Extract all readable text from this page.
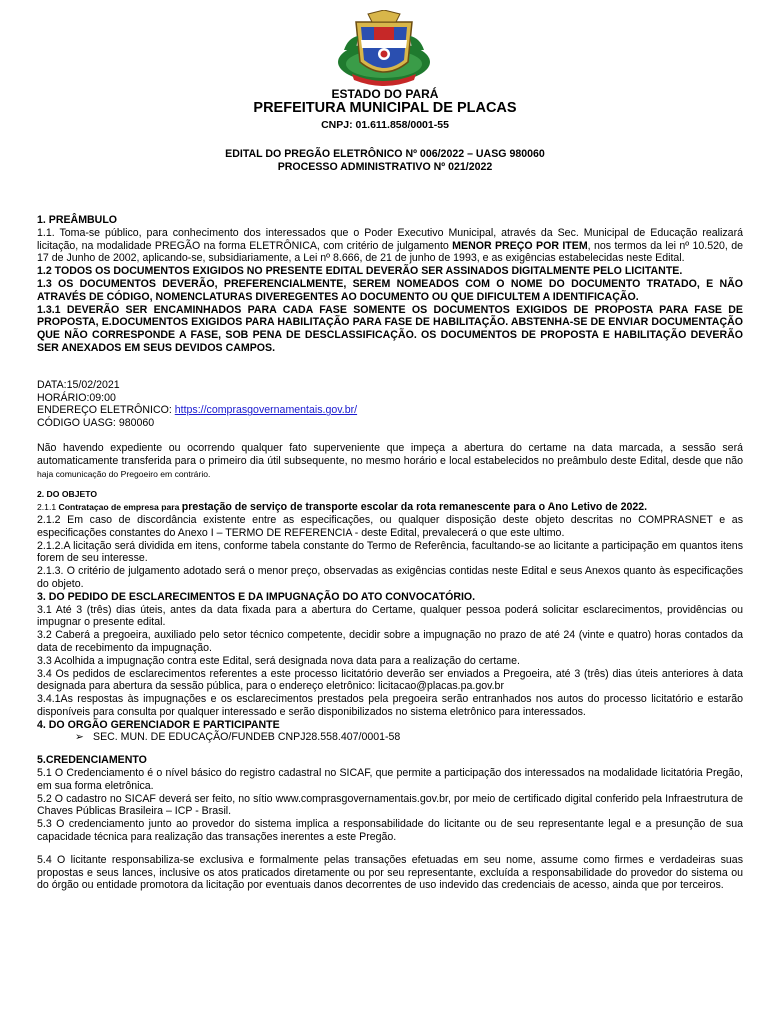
ESTADO DO PARÁ
PREFEITURA MUNICIPAL DE PLACAS
CNPJ: 01.611.858/0001-55
EDITAL DO PREGÃO ELETRÔNICO Nº 006/2022 – UASG 980060
PROCESSO ADMINISTRATIVO Nº 021/2022

1. PREÂMBULO

1.1. Toma-se público, para conhecimento dos interessados que o Poder Executivo Municipal, através da Sec. Municipal de Educação realizará licitação, na modalidade PREGÃO na forma ELETRÔNICA, com critério de julgamento MENOR PREÇO POR ITEM, nos termos da lei nº 10.520, de 17 de Junho de 2002, aplicando-se, subsidiariamente, a Lei nº 8.666, de 21 de junho de 1993, e as exigências estabelecidas neste Edital.

1.2 TODOS OS DOCUMENTOS EXIGIDOS NO PRESENTE EDITAL DEVERÃO SER ASSINADOS DIGITALMENTE PELO LICITANTE.

1.3 OS DOCUMENTOS DEVERÃO, PREFERENCIALMENTE, SEREM NOMEADOS COM O NOME DO DOCUMENTO TRATADO, E NÃO ATRAVÉS DE CÓDIGO, NOMENCLATURAS DIVEREGENTES AO DOCUMENTO OU QUE DIFICULTEM A IDENTIFICAÇÃO.

1.3.1 DEVERÃO SER ENCAMINHADOS PARA CADA FASE SOMENTE OS DOCUMENTOS EXIGIDOS DE PROPOSTA PARA FASE DE PROPOSTA, E.DOCUMENTOS EXIGIDOS PARA HABILITAÇÃO PARA FASE DE HABILITAÇÃO. ABSTENHA-SE DE ENVIAR DOCUMENTAÇÃO QUE NÃO CORRESPONDE A FASE, SOB PENA DE DESCLASSIFICAÇÃO. OS DOCUMENTOS DE PROPOSTA E HABILITAÇÃO DEVERÃO SER ANEXADOS EM SEUS DEVIDOS CAMPOS.

DATA:15/02/2021

HORÁRIO:09:00

ENDEREÇO ELETRÔNICO: https://comprasgovernamentais.gov.br/

CÓDIGO UASG: 980060

Não havendo expediente ou ocorrendo qualquer fato superveniente que impeça a abertura do certame na data marcada, a sessão será automaticamente transferida para o primeiro dia útil subsequente, no mesmo horário e local estabelecidos no preâmbulo deste Edital, desde que não haja comunicação do Pregoeiro em contrário.

2. DO OBJETO

2.1.1 Contrataçao de empresa para prestação de serviço de transporte escolar da rota remanescente para o Ano Letivo de 2022.

2.1.2 Em caso de discordância existente entre as especificações, ou qualquer disposição deste objeto descritas no COMPRASNET e as especificações constantes do Anexo I – TERMO DE REFERENCIA - deste Edital, prevalecerá o que este ultimo.

2.1.2.A licitação será dividida em itens, conforme tabela constante do Termo de Referência, facultando-se ao licitante a participação em quantos itens forem de seu interesse.

2.1.3. O critério de julgamento adotado será o menor preço, observadas as exigências contidas neste Edital e seus Anexos quanto às especificações do objeto.

3. DO PEDIDO DE ESCLARECIMENTOS E DA IMPUGNAÇÃO DO ATO CONVOCATÓRIO.

3.1 Até 3 (três) dias úteis, antes da data fixada para a abertura do Certame, qualquer pessoa poderá solicitar esclarecimentos, providências ou impugnar o presente edital.

3.2 Caberá a pregoeira, auxiliado pelo setor técnico competente, decidir sobre a impugnação no prazo de até 24 (vinte e quatro) horas contados da data de recebimento da impugnação.

3.3 Acolhida a impugnação contra este Edital, será designada nova data para a realização do certame.

3.4 Os pedidos de esclarecimentos referentes a este processo licitatório deverão ser enviados a Pregoeira, até 3 (três) dias úteis anteriores à data designada para abertura da sessão pública, para o endereço eletrônico: licitacao@placas.pa.gov.br

3.4.1As respostas às impugnações e os esclarecimentos prestados pela pregoeira serão entranhados nos autos do processo licitatório e estarão disponíveis para consulta por qualquer interessado e serão disponibilizados no sistema eletrônico para interessados.

4. DO ORGÃO GERENCIADOR E PARTICIPANTE

➢ SEC. MUN. DE EDUCAÇÃO/FUNDEB CNPJ28.558.407/0001-58

5.CREDENCIAMENTO

5.1 O Credenciamento é o nível básico do registro cadastral no SICAF, que permite a participação dos interessados na modalidade licitatória Pregão, em sua forma eletrônica.

5.2 O cadastro no SICAF deverá ser feito, no sítio www.comprasgovernamentais.gov.br, por meio de certificado digital conferido pela Infraestrutura de Chaves Públicas Brasileira – ICP - Brasil.

5.3 O credenciamento junto ao provedor do sistema implica a responsabilidade do licitante ou de seu representante legal e a presunção de sua capacidade técnica para realização das transações inerentes a este Pregão.

5.4 O licitante responsabiliza-se exclusiva e formalmente pelas transações efetuadas em seu nome, assume como firmes e verdadeiras suas propostas e seus lances, inclusive os atos praticados diretamente ou por seu representante, excluída a responsabilidade do provedor do sistema ou do órgão ou entidade promotora da licitação por eventuais danos decorrentes de uso indevido das credenciais de acesso, ainda que por terceiros.
